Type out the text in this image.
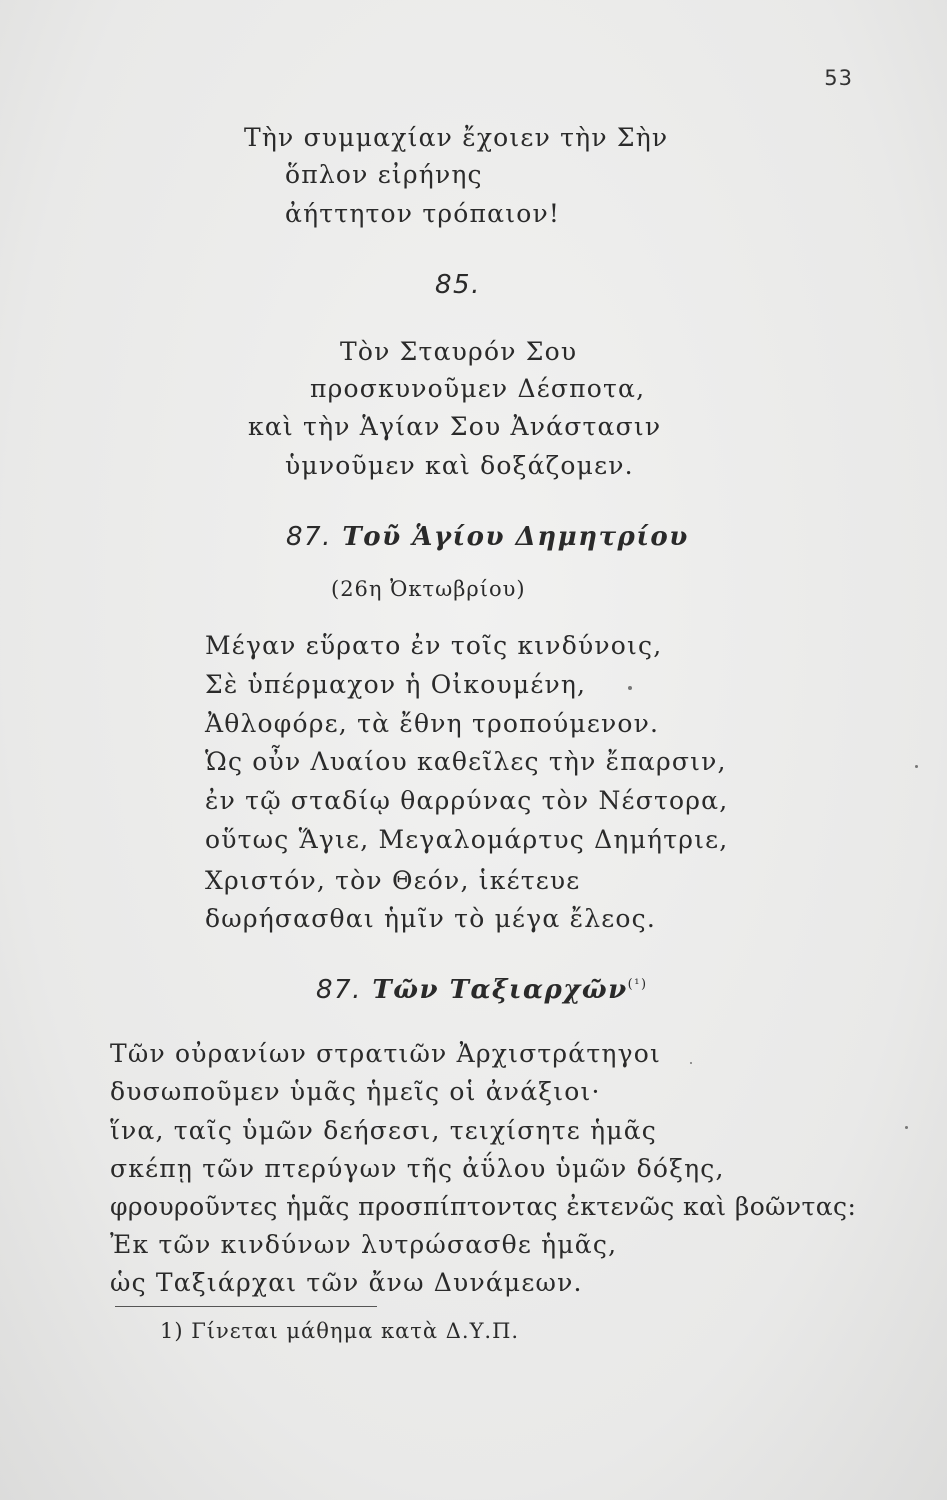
53
Τὴν συμμαχίαν ἔχοιεν τὴν Σὴν
ὅπλον εἰρήνης
ἀήττητον τρόπαιον!
85.
Τὸν Σταυρόν Σου
προσκυνοῦμεν Δέσποτα,
καὶ τὴν Ἁγίαν Σου Ἀνάστασιν
ὑμνοῦμεν καὶ δοξάζομεν.
87. Τοῦ Ἁγίου Δημητρίου
(26η Ὀκτωβρίου)
Μέγαν εὕρατο ἐν τοῖς κινδύνοις,
Σὲ ὑπέρμαχον ἡ Οἰκουμένη,
Ἀθλοφόρε, τὰ ἔθνη τροπούμενον.
Ὡς οὖν Λυαίου καθεῖλες τὴν ἔπαρσιν,
ἐν τῷ σταδίῳ θαρρύνας τὸν Νέστορα,
οὕτως Ἅγιε, Μεγαλομάρτυς Δημήτριε,
Χριστόν, τὸν Θεόν, ἱκέτευε
δωρήσασθαι ἡμῖν τὸ μέγα ἔλεος.
87. Τῶν Ταξιαρχῶν$^{(^1)}$
Τῶν οὐρανίων στρατιῶν Ἀρχιστράτηγοι
δυσωποῦμεν ὑμᾶς ἡμεῖς οἱ ἀνάξιοι·
ἵνα, ταῖς ὑμῶν δεήσεσι, τειχίσητε ἡμᾶς
σκέπῃ τῶν πτερύγων τῆς ἀΰλου ὑμῶν δόξης,
φρουροῦντες ἡμᾶς προσπίπτοντας ἐκτενῶς καὶ βοῶντας:
Ἐκ τῶν κινδύνων λυτρώσασθε ἡμᾶς,
ὡς Ταξιάρχαι τῶν ἄνω Δυνάμεων.
1) Γίνεται μάθημα κατὰ Δ.Υ.Π.
